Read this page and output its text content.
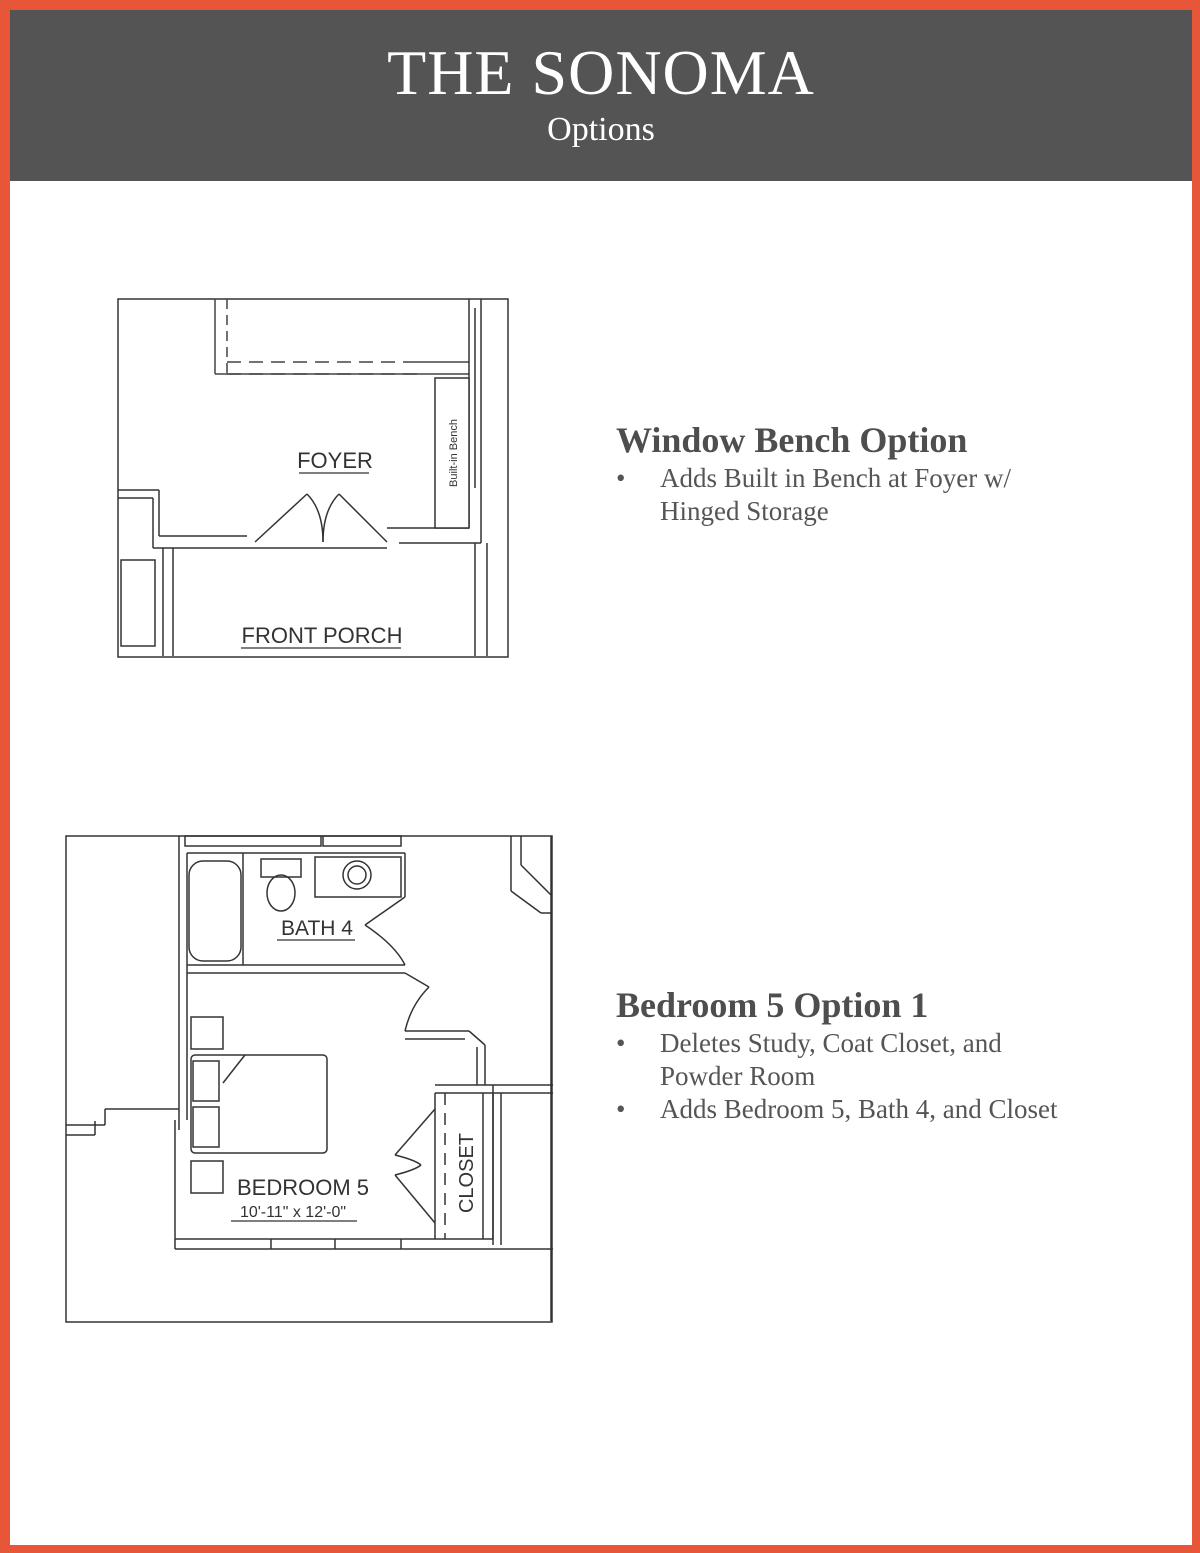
THE SONOMA
Options
Built-in Bench
FOYER
FRONT PORCH
Window Bench Option
•	Adds Built in Bench at Foyer w/ Hinged Storage
BATH 4
BEDROOM 5
10'-11" x 12'-0"	CLOSET
Bedroom 5 Option 1
•	Deletes Study, Coat Closet, and Powder Room
•	Adds Bedroom 5, Bath 4, and Closet
